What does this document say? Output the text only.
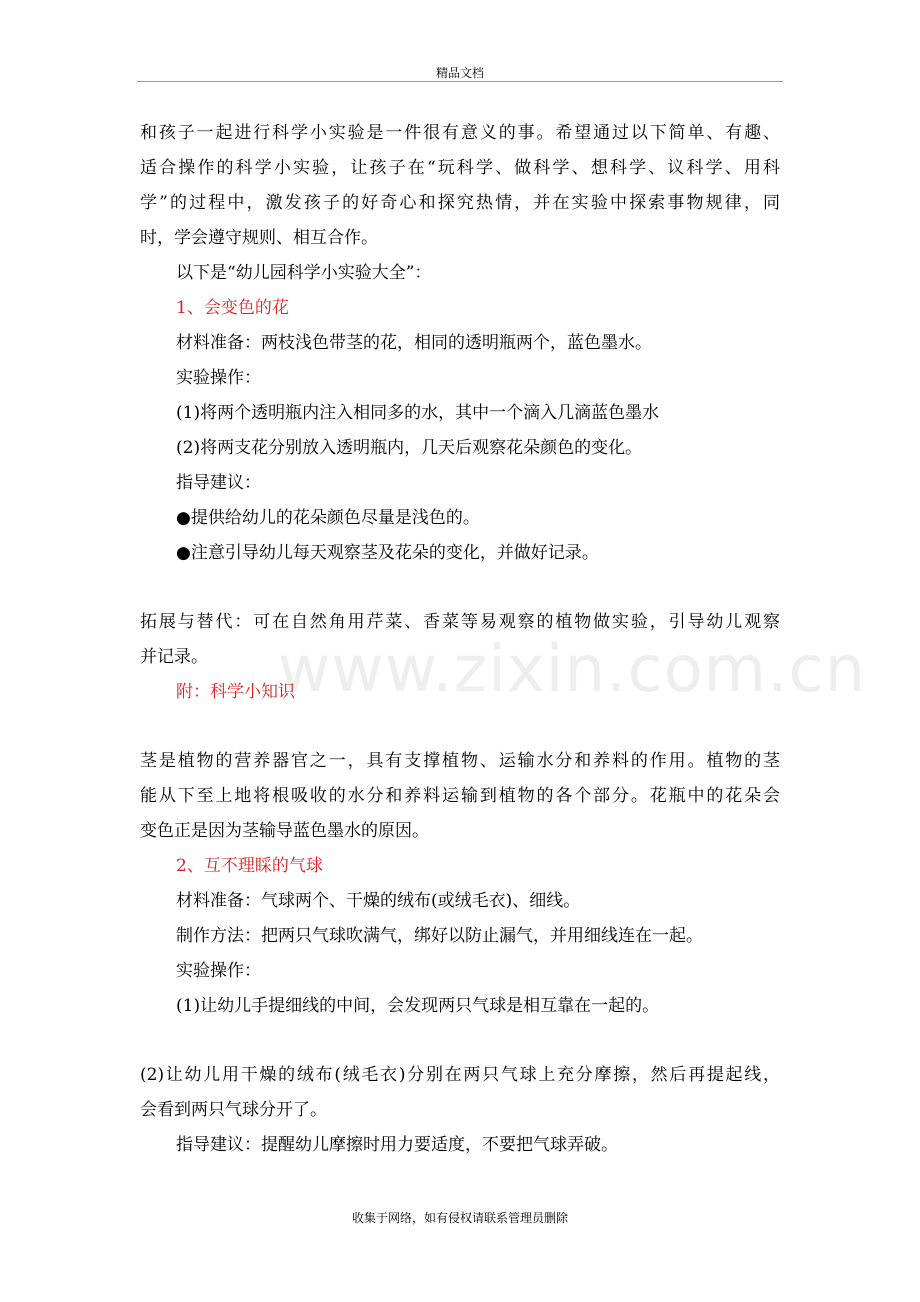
精品文档
www.zixin.com.cn
和孩子一起进行科学小实验是一件很有意义的事。希望通过以下简单、有趣、
适合操作的科学小实验，让孩子在“玩科学、做科学、想科学、议科学、用科
学”的过程中，激发孩子的好奇心和探究热情，并在实验中探索事物规律，同
时，学会遵守规则、相互合作。
以下是“幼儿园科学小实验大全”：
1、会变色的花
材料准备：两枝浅色带茎的花，相同的透明瓶两个，蓝色墨水。
实验操作：
(1)将两个透明瓶内注入相同多的水，其中一个滴入几滴蓝色墨水
(2)将两支花分别放入透明瓶内，几天后观察花朵颜色的变化。
指导建议：
●提供给幼儿的花朵颜色尽量是浅色的。
●注意引导幼儿每天观察茎及花朵的变化，并做好记录。
拓展与替代：可在自然角用芹菜、香菜等易观察的植物做实验，引导幼儿观察
并记录。
附：科学小知识
茎是植物的营养器官之一，具有支撑植物、运输水分和养料的作用。植物的茎
能从下至上地将根吸收的水分和养料运输到植物的各个部分。花瓶中的花朵会
变色正是因为茎输导蓝色墨水的原因。
2、互不理睬的气球
材料准备：气球两个、干燥的绒布(或绒毛衣)、细线。
制作方法：把两只气球吹满气，绑好以防止漏气，并用细线连在一起。
实验操作：
(1)让幼儿手提细线的中间，会发现两只气球是相互靠在一起的。
(2)让幼儿用干燥的绒布(绒毛衣)分别在两只气球上充分摩擦，然后再提起线，
会看到两只气球分开了。
指导建议：提醒幼儿摩擦时用力要适度，不要把气球弄破。
收集于网络，如有侵权请联系管理员删除
